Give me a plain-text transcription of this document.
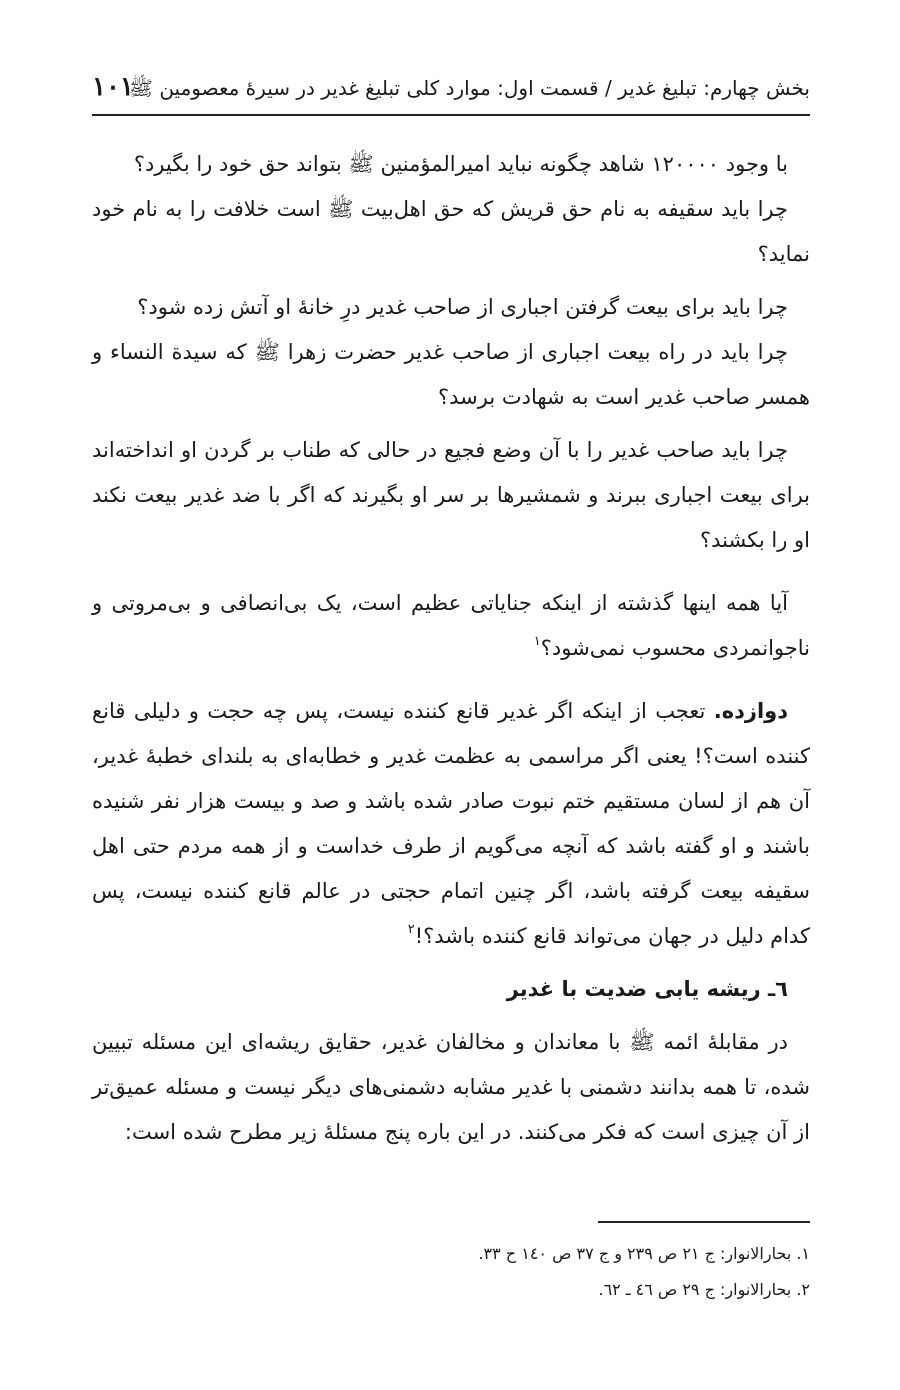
بخش چهارم: تبلیغ غدیر / قسمت اول: موارد کلی تبلیغ غدیر در سیرۀ معصومین ﷺ
١٠١

با وجود ١٢٠٠٠٠ شاهد چگونه نباید امیرالمؤمنین ﷺ بتواند حق خود را بگیرد؟

چرا باید سقیفه به نام حق قریش که حق اهل‌بیت ﷺ است خلافت را به نام خود نماید؟

چرا باید برای بیعت گرفتن اجباری از صاحب غدیر درِ خانۀ او آتش زده شود؟

چرا باید در راه بیعت اجباری از صاحب غدیر حضرت زهرا ﷺ که سیدة النساء و همسر صاحب غدیر است به شهادت برسد؟

چرا باید صاحب غدیر را با آن وضع فجیع در حالی که طناب بر گردن او انداخته‌اند برای بیعت اجباری ببرند و شمشیرها بر سر او بگیرند که اگر با ضد غدیر بیعت نکند او را بکشند؟

آیا همه اینها گذشته از اینکه جنایاتی عظیم است، یک بی‌انصافی و بی‌مروتی و ناجوانمردی محسوب نمی‌شود؟$^١$

دوازده. تعجب از اینکه اگر غدیر قانع کننده نیست، پس چه حجت و دلیلی قانع کننده است؟! یعنی اگر مراسمی به عظمت غدیر و خطابه‌ای به بلندای خطبۀ غدیر، آن هم از لسان مستقیم ختم نبوت صادر شده باشد و صد و بیست هزار نفر شنیده باشند و او گفته باشد که آنچه می‌گویم از طرف خداست و از همه مردم حتی اهل سقیفه بیعت گرفته باشد، اگر چنین اتمام حجتی در عالم قانع کننده نیست، پس کدام دلیل در جهان می‌تواند قانع کننده باشد؟!$^٢$

٦ـ ریشه یابی ضدیت با غدیر

در مقابلۀ ائمه ﷺ با معاندان و مخالفان غدیر، حقایق ریشه‌ای این مسئله تبیین شده، تا همه بدانند دشمنی با غدیر مشابه دشمنی‌های دیگر نیست و مسئله عمیق‌تر از آن چیزی است که فکر می‌کنند. در این باره پنج مسئلۀ زیر مطرح شده است:

١. بحارالانوار: ج ٢١ ص ٢٣٩ و ج ٣٧ ص ١٤٠ ح ٣٣.
٢. بحارالانوار: ج ٢٩ ص ٤٦ ـ ٦٢.
